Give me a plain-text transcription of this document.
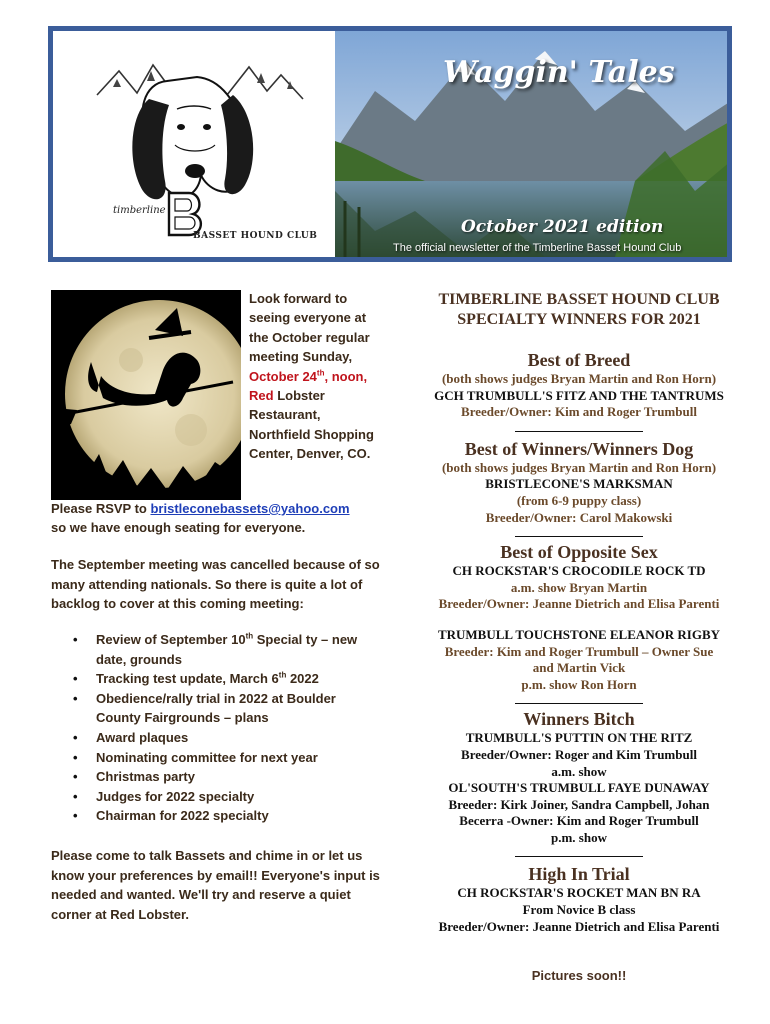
timberline
BASSET HOUND CLUB
Waggin' Tales
October 2021 edition
The official newsletter of the Timberline Basset Hound Club
Look forward to seeing everyone at the October regular meeting Sunday, October 24th, noon, Red Lobster Restaurant, Northfield Shopping Center, Denver, CO.
Please RSVP to bristleconebassets@yahoo.com
so we have enough seating for everyone.

The September meeting was cancelled because of so many attending nationals. So there is quite a lot of backlog to cover at this coming meeting:

• Review of September 10th Special ty – new date, grounds
• Tracking test update, March 6th 2022
• Obedience/rally trial in 2022 at Boulder County Fairgrounds – plans
• Award plaques
• Nominating committee for next year
• Christmas party
• Judges for 2022 specialty
• Chairman for 2022 specialty

Please come to talk Bassets and chime in or let us know your preferences by email!! Everyone's input is needed and wanted. We'll try and reserve a quiet corner at Red Lobster.

TIMBERLINE BASSET HOUND CLUB

SPECIALTY WINNERS FOR 2021

Best of Breed

(both shows judges Bryan Martin and Ron Horn)

GCH TRUMBULL'S FITZ AND THE TANTRUMS

Breeder/Owner: Kim and Roger Trumbull

Best of Winners/Winners Dog

(both shows judges Bryan Martin and Ron Horn)

BRISTLECONE'S MARKSMAN

(from 6-9 puppy class)

Breeder/Owner: Carol Makowski

Best of Opposite Sex

CH ROCKSTAR'S CROCODILE ROCK TD

a.m. show Bryan Martin

Breeder/Owner: Jeanne Dietrich and Elisa Parenti

TRUMBULL TOUCHSTONE ELEANOR RIGBY

Breeder: Kim and Roger Trumbull – Owner Sue

and Martin Vick

p.m. show Ron Horn

Winners Bitch

TRUMBULL'S PUTTIN ON THE RITZ

Breeder/Owner: Roger and Kim Trumbull

a.m. show

OL'SOUTH'S TRUMBULL FAYE DUNAWAY

Breeder: Kirk Joiner, Sandra Campbell, Johan

Becerra -Owner: Kim and Roger Trumbull

p.m. show

High In Trial

CH ROCKSTAR'S ROCKET MAN BN RA

From Novice B class

Breeder/Owner: Jeanne Dietrich and Elisa Parenti

Pictures soon!!
